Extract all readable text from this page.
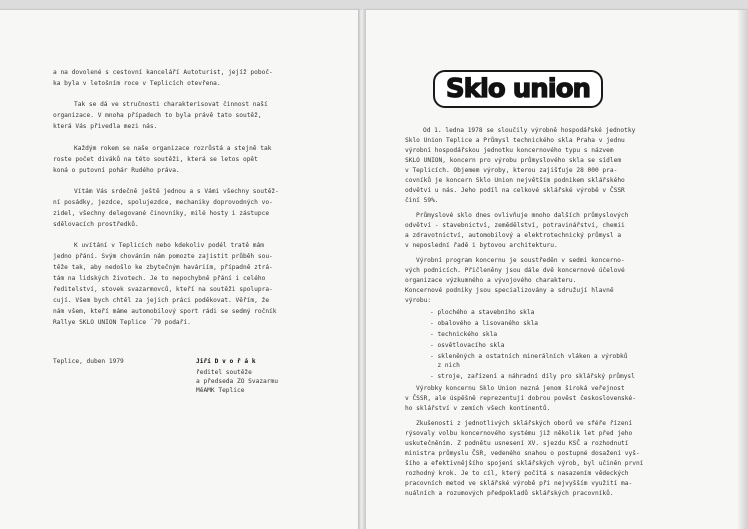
a na dovolené s cestovní kanceláří Autoturist, jejíž poboč-
ka byla v letošním roce v Teplicích otevřena.
Tak se dá ve stručnosti charakterisovat činnost naší
organizace. V mnoha případech to byla právě tato soutěž,
která Vás přivedla mezi nás.
Každým rokem se naše organizace rozrůstá a stejně tak
roste počet diváků na této soutěži, která se letos opět
koná o putovní pohár Rudého práva.
Vítám Vás srdečně ještě jednou a s Vámi všechny soutěž-
ní posádky, jezdce, spolujezdce, mechaniky doprovodných vo-
zidel, všechny delegované činovníky, milé hosty i zástupce
sdělovacích prostředků.
K uvítání v Teplicích nebo kdekoliv podél tratě mám
jedno přání. Svým chováním nám pomozte zajistit průběh sou-
těže tak, aby nedošlo ke zbytečným haváriím, případně ztrá-
tám na lidských životech. Je to nepochybně přání i celého
ředitelství, stovek svazarmovců, kteří na soutěži spolupra-
cují. Všem bych chtěl za jejich práci poděkovat. Věřím, že
nám všem, kteří máme automobilový sport rádi se sedmý ročník
Rallye SKLO UNION Teplice ´79 podaří.
Teplice, duben 1979	Jiří D v o ř á k
ředitel soutěže
a předseda ZO Svazarmu
MěAMK Teplice
Sklo union
Od 1. ledna 1978 se sloučily výrobně hospodářské jednotky
Sklo Union Teplice a Průmysl technického skla Praha v jednu
výrobní hospodářskou jednotku koncernového typu s názvem
SKLO UNION, koncern pro výrobu průmyslového skla se sídlem
v Teplicích. Objemem výroby, kterou zajišťuje 28 000 pra-
covníků je koncern Sklo Union největším podnikem sklářského
odvětví u nás. Jeho podíl na celkové sklářské výrobě v ČSSR
činí 59%.
Průmyslové sklo dnes ovlivňuje mnoho dalších průmyslových
odvětví - stavebnictví, zemědělství, potravinářství, chemii
a zdravotnictví, automobilový a elektrotechnický průmysl a
v neposlední řadě i bytovou architekturu.
Výrobní program koncernu je soustředěn v sedmi koncerno-
vých podnicích. Přičleněny jsou dále dvě koncernové účelové
organizace výzkumného a vývojového charakteru.
Koncernové podniky jsou specializovány a sdružují hlavně
výrobu:
- plochého a stavebního skla
- obalového a lisovaného skla
- technického skla
- osvětlovacího skla
- skleněných a ostatních minerálních vláken a výrobků
z nich
- stroje, zařízení a náhradní díly pro sklářský průmysl
Výrobky koncernu Sklo Union nezná jenom široká veřejnost
v ČSSR, ale úspěšně reprezentují dobrou pověst československé-
ho sklářství v zemích všech kontinentů.
Zkušenosti z jednotlivých sklářských oborů ve sféře řízení
rýsovaly volbu koncernového systému již několik let před jeho
uskutečněním. Z podnětu usnesení XV. sjezdu KSČ a rozhodnutí
ministra průmyslu ČSR, vedeného snahou o postupné dosažení vyš-
šího a efektivnějšího spojení sklářských výrob, byl učiněn první
rozhodný krok. Je to cíl, který počítá s nasazením vědeckých
pracovních metod ve sklářské výrobě při nejvyšším využití ma-
nuálních a rozumových předpokladů sklářských pracovníků.
